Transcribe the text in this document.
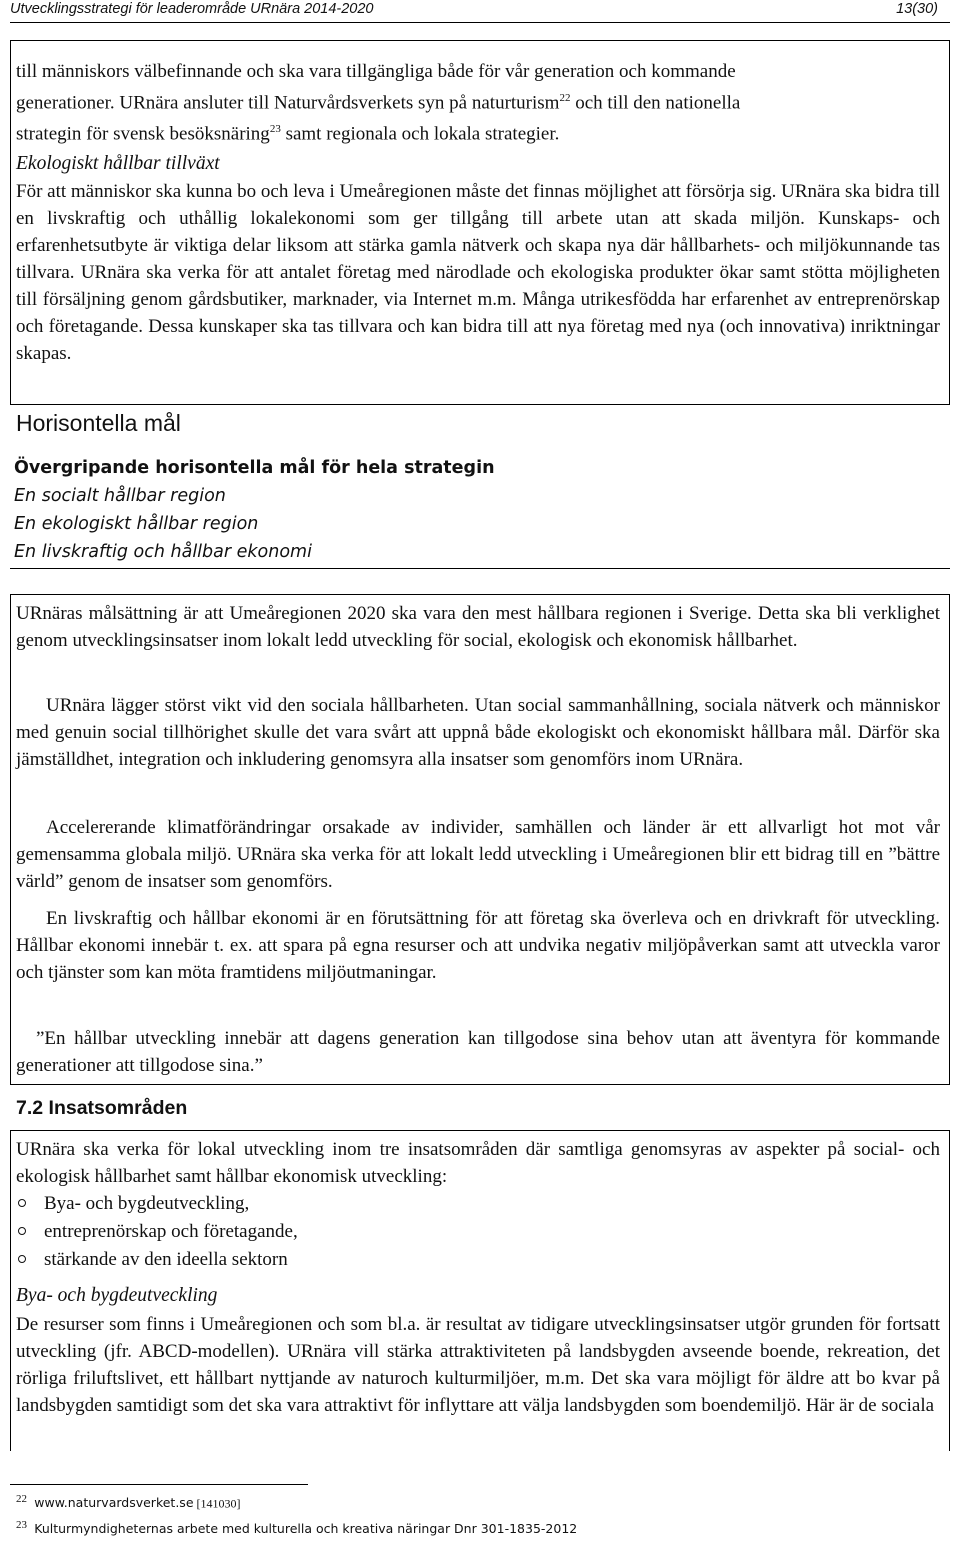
Utvecklingsstrategi för leaderområde URnära 2014-2020	13(30)
till människors välbefinnande och ska vara tillgängliga både för vår generation och kommande
generationer. URnära ansluter till Naturvårdsverkets syn på naturturism$^{22}$ och till den nationella
strategin för svensk besöksnäring$^{23}$ samt regionala och lokala strategier.
Ekologiskt hållbar tillväxt
För att människor ska kunna bo och leva i Umeåregionen måste det finnas möjlighet att försörja sig. URnära ska bidra till en livskraftig och uthållig lokalekonomi som ger tillgång till arbete utan att skada miljön. Kunskaps- och erfarenhetsutbyte är viktiga delar liksom att stärka gamla nätverk och skapa nya där hållbarhets- och miljökunnande tas tillvara. URnära ska verka för att antalet företag med närodlade och ekologiska produkter ökar samt stötta möjligheten till försäljning genom gårdsbutiker, marknader, via Internet m.m. Många utrikesfödda har erfarenhet av entreprenörskap och företagande. Dessa kunskaper ska tas tillvara och kan bidra till att nya företag med nya (och innovativa) inriktningar skapas.
Horisontella mål
Övergripande horisontella mål för hela strategin
En socialt hållbar region
En ekologiskt hållbar region
En livskraftig och hållbar ekonomi
URnäras målsättning är att Umeåregionen 2020 ska vara den mest hållbara regionen i Sverige. Detta ska bli verklighet genom utvecklingsinsatser inom lokalt ledd utveckling för social, ekologisk och ekonomisk hållbarhet.
URnära lägger störst vikt vid den sociala hållbarheten. Utan social sammanhållning, sociala nätverk och människor med genuin social tillhörighet skulle det vara svårt att uppnå både ekologiskt och ekonomiskt hållbara mål. Därför ska jämställdhet, integration och inkludering genomsyra alla insatser som genomförs inom URnära.
Accelererande klimatförändringar orsakade av individer, samhällen och länder är ett allvarligt hot mot vår gemensamma globala miljö. URnära ska verka för att lokalt ledd utveckling i Umeåregionen blir ett bidrag till en ”bättre värld” genom de insatser som genomförs.
En livskraftig och hållbar ekonomi är en förutsättning för att företag ska överleva och en drivkraft för utveckling. Hållbar ekonomi innebär t. ex. att spara på egna resurser och att undvika negativ miljöpåverkan samt att utveckla varor och tjänster som kan möta framtidens miljöutmaningar.
”En hållbar utveckling innebär att dagens generation kan tillgodose sina behov utan att äventyra för kommande generationer att tillgodose sina.”
7.2 Insatsområden
URnära ska verka för lokal utveckling inom tre insatsområden där samtliga genomsyras av aspekter på social- och ekologisk hållbarhet samt hållbar ekonomisk utveckling:
Bya- och bygdeutveckling,
entreprenörskap och företagande,
stärkande av den ideella sektorn
Bya- och bygdeutveckling
De resurser som finns i Umeåregionen och som bl.a. är resultat av tidigare utvecklingsinsatser utgör grunden för fortsatt utveckling (jfr. ABCD-modellen). URnära vill stärka attraktiviteten på landsbygden avseende boende, rekreation, det rörliga friluftslivet, ett hållbart nyttjande av naturoch kulturmiljöer, m.m. Det ska vara möjligt för äldre att bo kvar på landsbygden samtidigt som det ska vara attraktivt för inflyttare att välja landsbygden som boendemiljö. Här är de sociala
$^{22}$ www.naturvardsverket.se [141030]
$^{23}$ Kulturmyndigheternas arbete med kulturella och kreativa näringar Dnr 301-1835-2012
